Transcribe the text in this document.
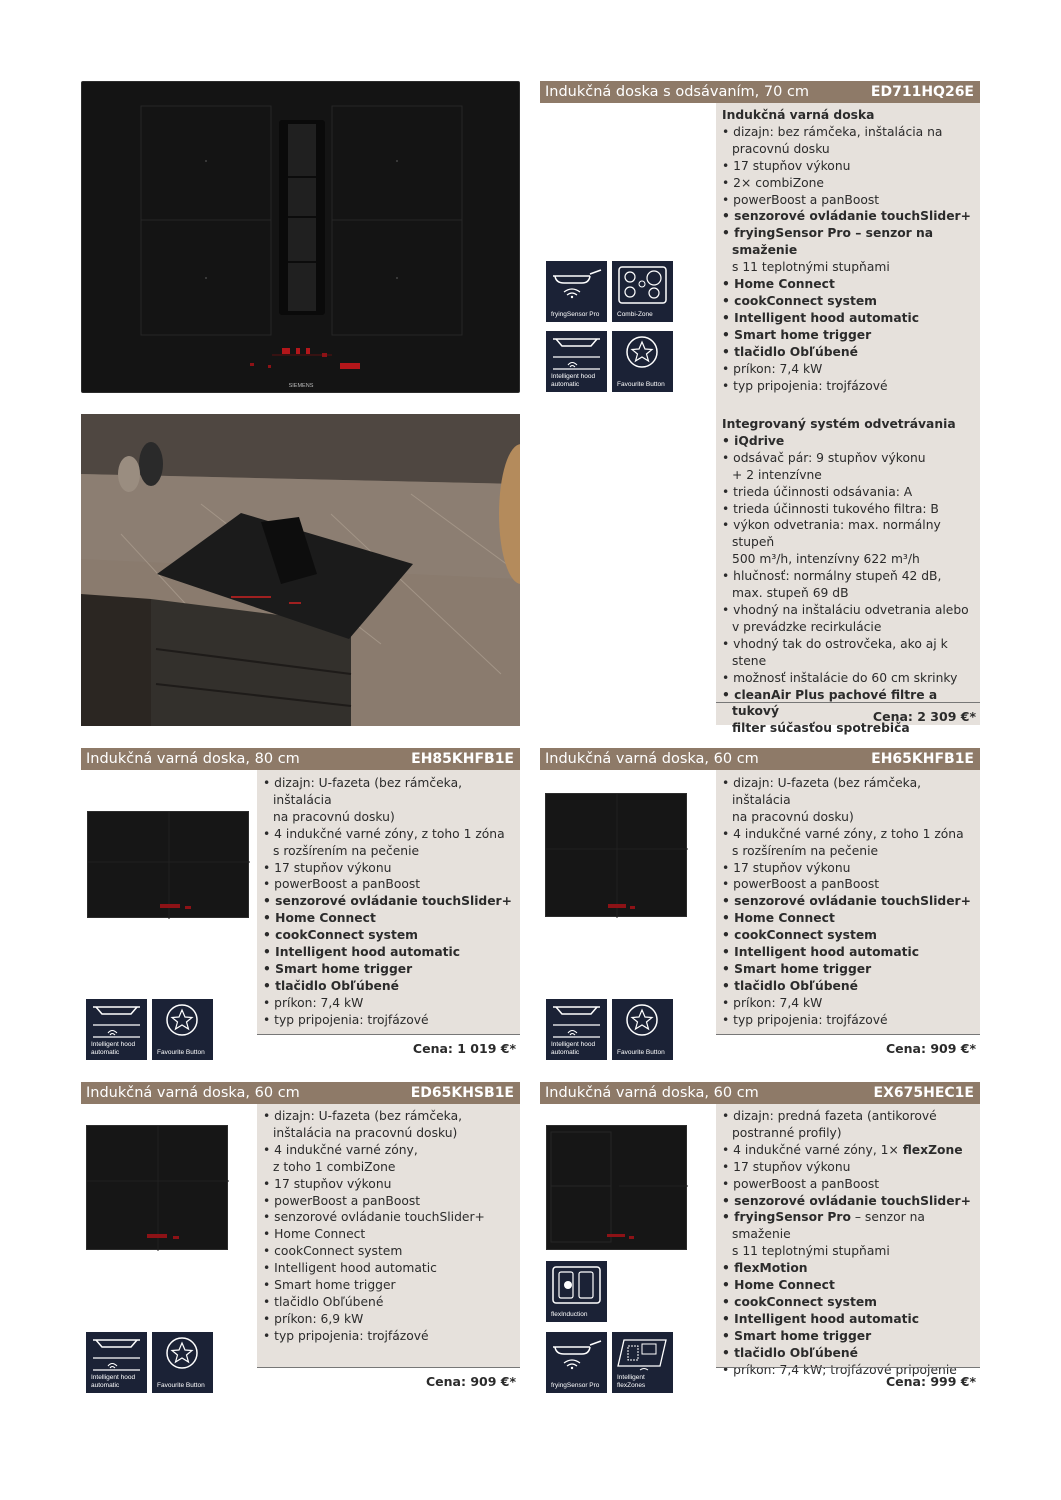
SIEMENS
Indukčná doska s odsávaním, 70 cm	ED711HQ26E
Indukčná varná doska
• dizajn: bez rámčeka, inštalácia na
pracovnú dosku
• 17 stupňov výkonu
• 2× combiZone
• powerBoost a panBoost
• senzorové ovládanie touchSlider+
• fryingSensor Pro – senzor na smaženie
s 11 teplotnými stupňami
• Home Connect
• cookConnect system
• Intelligent hood automatic
• Smart home trigger
• tlačidlo Obľúbené
• príkon: 7,4 kW
• typ pripojenia: trojfázové
Integrovaný systém odvetrávania
• iQdrive
• odsávač pár: 9 stupňov výkonu
+ 2 intenzívne
• trieda účinnosti odsávania: A
• trieda účinnosti tukového filtra: B
• výkon odvetrania: max. normálny stupeň
500 m³/h, intenzívny 622 m³/h
• hlučnosť: normálny stupeň 42 dB,
max. stupeň 69 dB
• vhodný na inštaláciu odvetrania alebo
v prevádzke recirkulácie
• vhodný tak do ostrovčeka, ako aj k stene
• možnosť inštalácie do 60 cm skrinky
• cleanAir Plus pachové filtre a tukový
filter súčasťou spotrebiča
Cena: 2 309 €*
fryingSensor Pro	Combi-Zone
Intelligent hood automatic	Favourite Button
Indukčná varná doska, 80 cm	EH85KHFB1E
• dizajn: U-fazeta (bez rámčeka, inštalácia
na pracovnú dosku)
• 4 indukčné varné zóny, z toho 1 zóna
s rozšírením na pečenie
• 17 stupňov výkonu
• powerBoost a panBoost
• senzorové ovládanie touchSlider+
• Home Connect
• cookConnect system
• Intelligent hood automatic
• Smart home trigger
• tlačidlo Obľúbené
• príkon: 7,4 kW
• typ pripojenia: trojfázové
Cena: 1 019 €*
Intelligent hood automatic	Favourite Button
Indukčná varná doska, 60 cm	EH65KHFB1E
• dizajn: U-fazeta (bez rámčeka, inštalácia
na pracovnú dosku)
• 4 indukčné varné zóny, z toho 1 zóna
s rozšírením na pečenie
• 17 stupňov výkonu
• powerBoost a panBoost
• senzorové ovládanie touchSlider+
• Home Connect
• cookConnect system
• Intelligent hood automatic
• Smart home trigger
• tlačidlo Obľúbené
• príkon: 7,4 kW
• typ pripojenia: trojfázové
Cena: 909 €*
Intelligent hood automatic	Favourite Button
Indukčná varná doska, 60 cm	ED65KHSB1E
• dizajn: U-fazeta (bez rámčeka,
inštalácia na pracovnú dosku)
• 4 indukčné varné zóny,
z toho 1 combiZone
• 17 stupňov výkonu
• powerBoost a panBoost
• senzorové ovládanie touchSlider+
• Home Connect
• cookConnect system
• Intelligent hood automatic
• Smart home trigger
• tlačidlo Obľúbené
• príkon: 6,9 kW
• typ pripojenia: trojfázové
Cena: 909 €*
Intelligent hood automatic	Favourite Button
Indukčná varná doska, 60 cm	EX675HEC1E
• dizajn: predná fazeta (antikorové
postranné profily)
• 4 indukčné varné zóny, 1× flexZone
• 17 stupňov výkonu
• powerBoost a panBoost
• senzorové ovládanie touchSlider+
• fryingSensor Pro – senzor na smaženie
s 11 teplotnými stupňami
• flexMotion
• Home Connect
• cookConnect system
• Intelligent hood automatic
• Smart home trigger
• tlačidlo Obľúbené
• príkon: 7,4 kW; trojfázové pripojenie
Cena: 999 €*
flexInduction
fryingSensor Pro
Intelligent flexZones
